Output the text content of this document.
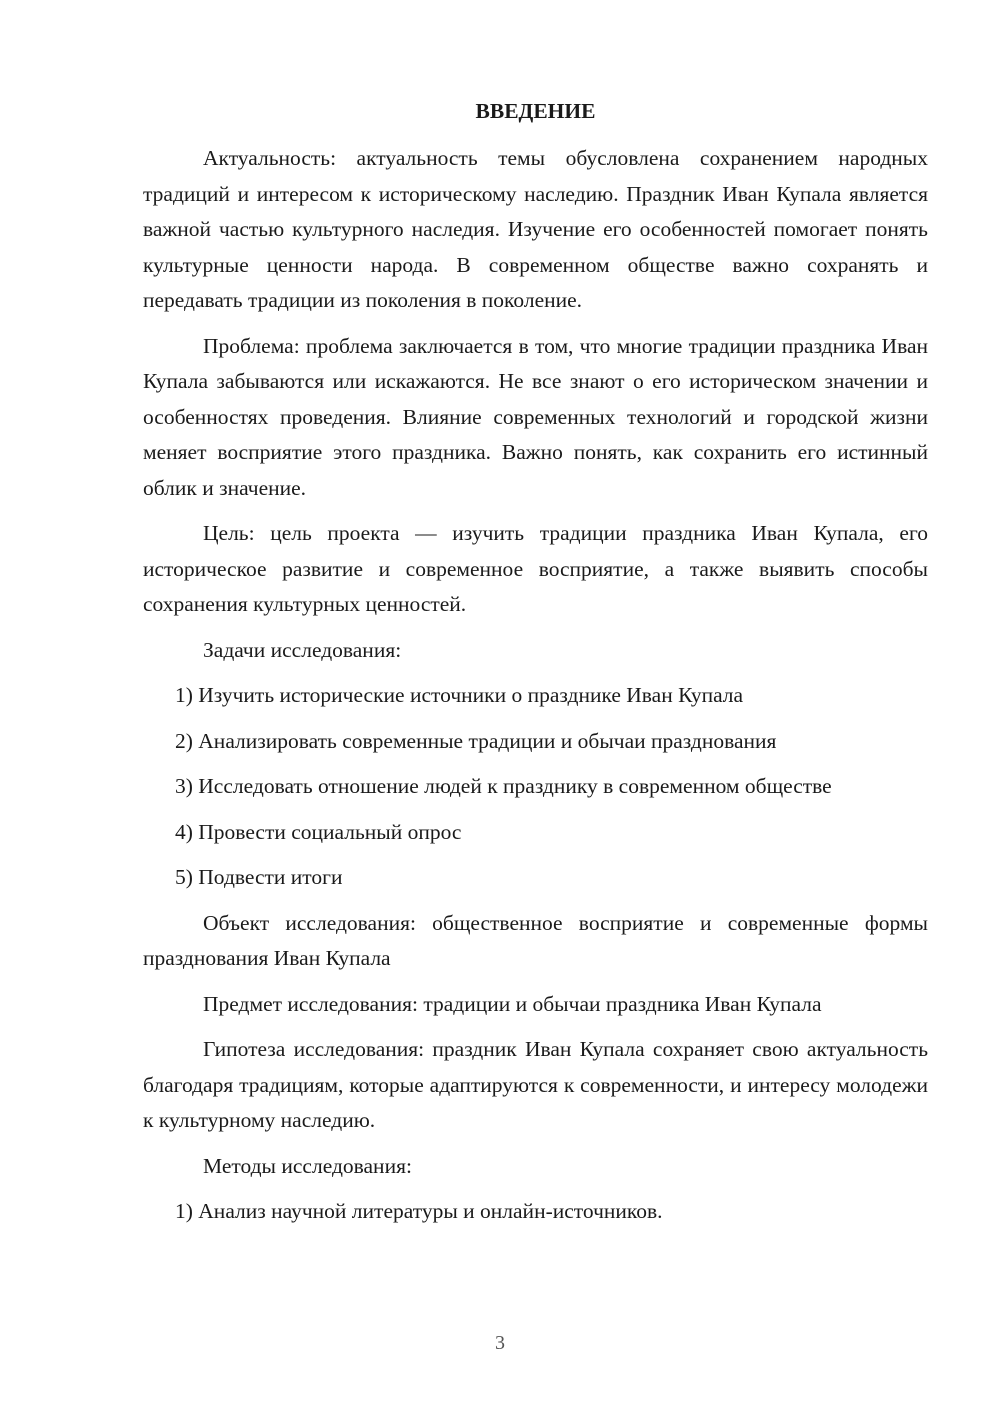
ВВЕДЕНИЕ

Актуальность: актуальность темы обусловлена сохранением народных традиций и интересом к историческому наследию. Праздник Иван Купала является важной частью культурного наследия. Изучение его особенностей помогает понять культурные ценности народа. В современном обществе важно сохранять и передавать традиции из поколения в поколение.

Проблема: проблема заключается в том, что многие традиции праздника Иван Купала забываются или искажаются. Не все знают о его историческом значении и особенностях проведения. Влияние современных технологий и городской жизни меняет восприятие этого праздника. Важно понять, как сохранить его истинный облик и значение.

Цель: цель проекта — изучить традиции праздника Иван Купала, его историческое развитие и современное восприятие, а также выявить способы сохранения культурных ценностей.

Задачи исследования:

1) Изучить исторические источники о празднике Иван Купала

2) Анализировать современные традиции и обычаи празднования

3) Исследовать отношение людей к празднику в современном обществе

4) Провести социальный опрос

5) Подвести итоги

Объект исследования: общественное восприятие и современные формы празднования Иван Купала

Предмет исследования: традиции и обычаи праздника Иван Купала

Гипотеза исследования: праздник Иван Купала сохраняет свою актуальность благодаря традициям, которые адаптируются к современности, и интересу молодежи к культурному наследию.

Методы исследования:

1) Анализ научной литературы и онлайн-источников.

3
